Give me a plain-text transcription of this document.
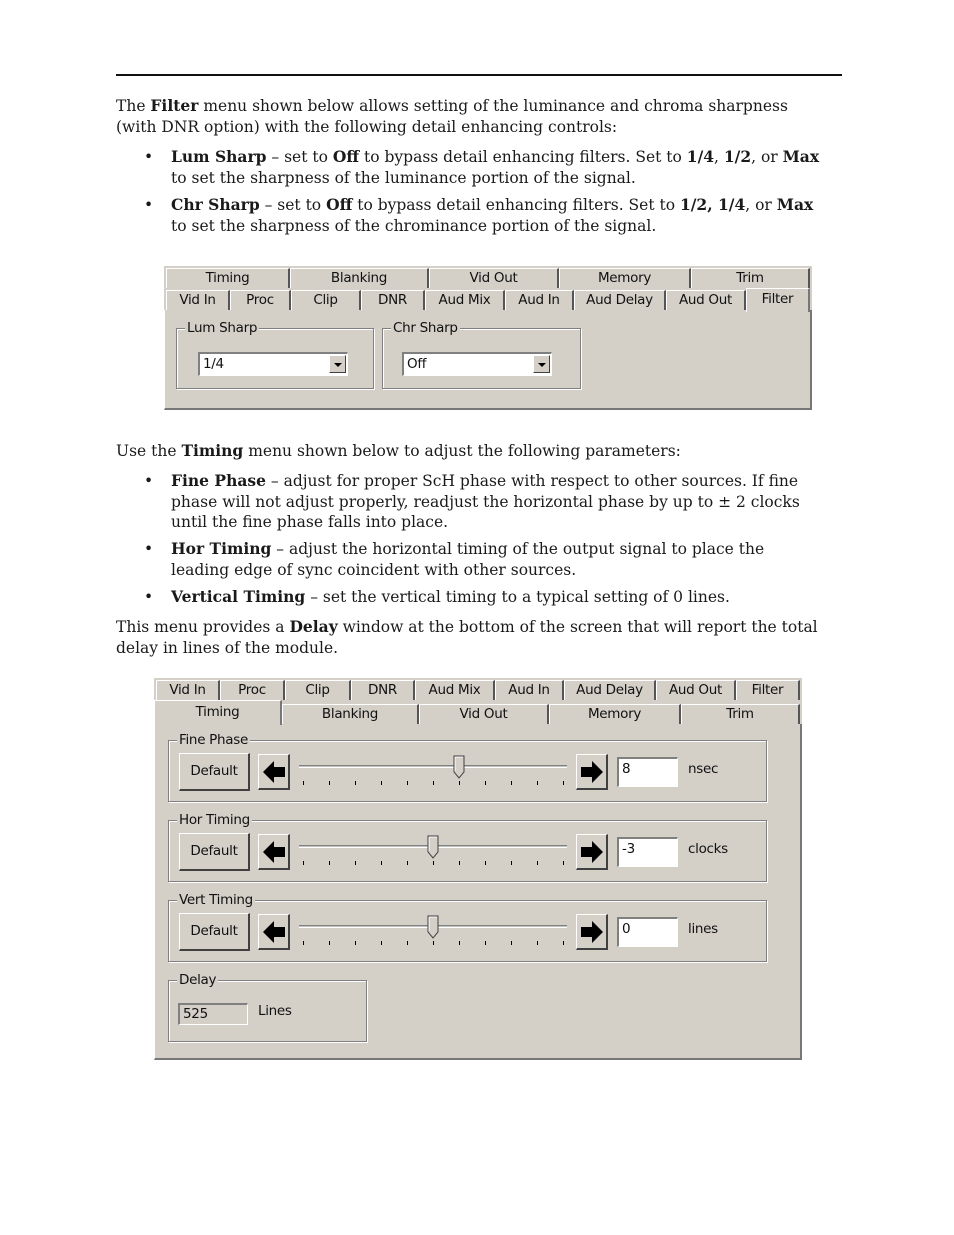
The Filter menu shown below allows setting of the luminance and chroma sharpness
(with DNR option) with the following detail enhancing controls:
• Lum Sharp – set to Off to bypass detail enhancing filters. Set to 1/4, 1/2, or Max
to set the sharpness of the luminance portion of the signal.
• Chr Sharp – set to Off to bypass detail enhancing filters. Set to 1/2, 1/4, or Max
to set the sharpness of the chrominance portion of the signal.
Timing	Blanking	Vid Out	Memory	Trim
Vid In	Proc	Clip	DNR	Aud Mix	Aud In	Aud Delay	Aud Out	Filter
Lum Sharp
1/4
Chr Sharp
Off
Use the Timing menu shown below to adjust the following parameters:
• Fine Phase – adjust for proper ScH phase with respect to other sources. If fine
phase will not adjust properly, readjust the horizontal phase by up to ± 2 clocks
until the fine phase falls into place.
• Hor Timing – adjust the horizontal timing of the output signal to place the
leading edge of sync coincident with other sources.
• Vertical Timing – set the vertical timing to a typical setting of 0 lines.
This menu provides a Delay window at the bottom of the screen that will report the total
delay in lines of the module.
Vid In	Proc	Clip	DNR	Aud Mix	Aud In	Aud Delay	Aud Out	Filter
Timing	Blanking	Vid Out	Memory	Trim
Fine Phase
Default	8	nsec
Hor Timing
Default	-3	clocks
Vert Timing
Default	0	lines
Delay
525	Lines
